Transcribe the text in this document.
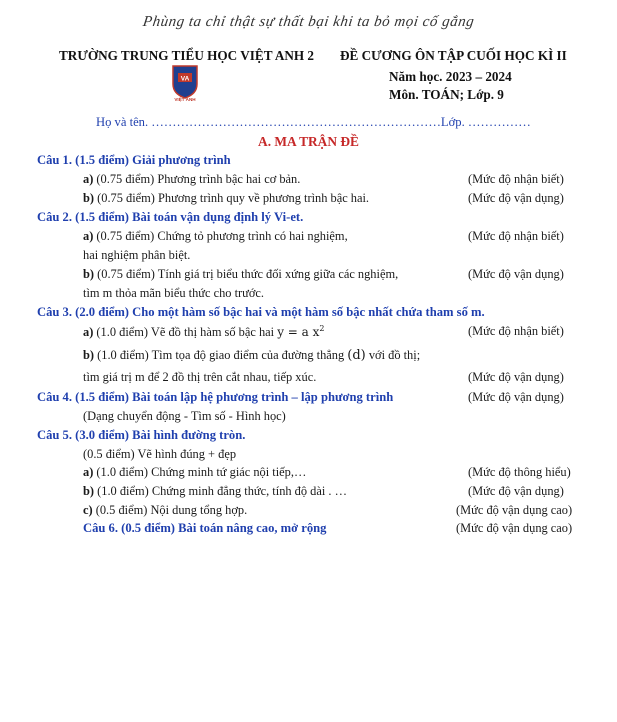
Phùng ta chỉ thật sự thất bại khi ta bỏ mọi cố gắng
TRƯỜNG TRUNG TIỂU HỌC VIỆT ANH 2 ĐỀ CƯƠNG ÔN TẬP CUỐI HỌC KÌ II
VA
VIỆT ANH
Năm học. 2023 – 2024
Môn. TOÁN; Lớp. 9
Họ và tên. ……………………………………………………………Lớp. ……………
A. MA TRẬN ĐỀ
Câu 1. (1.5 điểm) Giải phương trình
a) (0.75 điểm) Phương trình bậc hai cơ bản.	(Mức độ nhận biết)
b) (0.75 điểm) Phương trình quy về phương trình bậc hai.	(Mức độ vận dụng)
Câu 2. (1.5 điểm) Bài toán vận dụng định lý Vi-et.
a) (0.75 điểm) Chứng tỏ phương trình có hai nghiệm,	(Mức độ nhận biết)
hai nghiệm phân biệt.
b) (0.75 điểm) Tính giá trị biểu thức đối xứng giữa các nghiệm,	(Mức độ vận dụng)
tìm m thỏa mãn biểu thức cho trước.
Câu 3. (2.0 điểm) Cho một hàm số bậc hai và một hàm số bậc nhất chứa tham số m.
a) (1.0 điểm) Vẽ đồ thị hàm số bậc hai y = a $x^2$	(Mức độ nhận biết)
b) (1.0 điểm) Tìm tọa độ giao điểm của đường thẳng (d) với đồ thị;
tìm giá trị m để 2 đồ thị trên cắt nhau, tiếp xúc.	(Mức độ vận dụng)
Câu 4. (1.5 điểm) Bài toán lập hệ phương trình – lập phương trình	(Mức độ vận dụng)
(Dạng chuyển động - Tìm số - Hình học)
Câu 5. (3.0 điểm) Bài hình đường tròn.
(0.5 điểm) Vẽ hình đúng + đẹp
a) (1.0 điểm) Chứng minh tứ giác nội tiếp,…	(Mức độ thông hiểu)
b) (1.0 điểm) Chứng minh đẳng thức, tính độ dài . …	(Mức độ vận dụng)
c) (0.5 điểm) Nội dung tổng hợp.	(Mức độ vận dụng cao)
Câu 6. (0.5 điểm) Bài toán nâng cao, mở rộng	(Mức độ vận dụng cao)
